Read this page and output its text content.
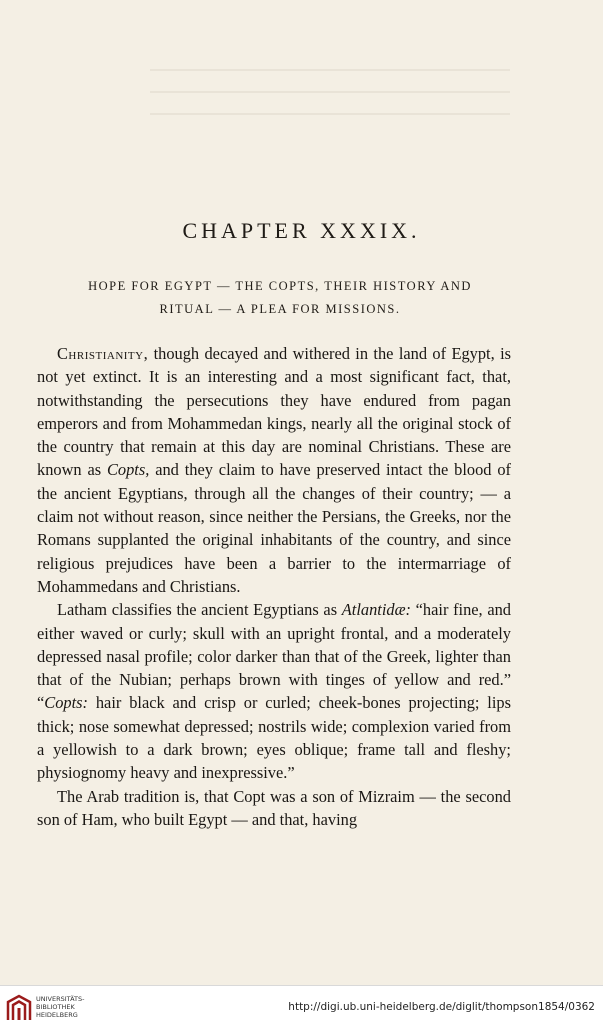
CHAPTER XXXIX.
HOPE FOR EGYPT — THE COPTS, THEIR HISTORY AND
RITUAL — A PLEA FOR MISSIONS.

Christianity, though decayed and withered in the land of Egypt, is not yet extinct. It is an interesting and a most significant fact, that, notwithstanding the persecutions they have endured from pagan emperors and from Mohammedan kings, nearly all the original stock of the country that remain at this day are nominal Christians. These are known as Copts, and they claim to have preserved intact the blood of the ancient Egyptians, through all the changes of their country; — a claim not without reason, since neither the Persians, the Greeks, nor the Romans supplanted the original inhabitants of the country, and since religious prejudices have been a barrier to the intermarriage of Mohammedans and Christians.

Latham classifies the ancient Egyptians as Atlantidæ: “hair fine, and either waved or curly; skull with an upright frontal, and a moderately depressed nasal profile; color darker than that of the Greek, lighter than that of the Nubian; perhaps brown with tinges of yellow and red.” “Copts: hair black and crisp or curled; cheek-bones projecting; lips thick; nose somewhat depressed; nostrils wide; complexion varied from a yellowish to a dark brown; eyes oblique; frame tall and fleshy; physiognomy heavy and inexpressive.”

The Arab tradition is, that Copt was a son of Mizraim — the second son of Ham, who built Egypt — and that, having

UNIVERSITÄTS-
BIBLIOTHEK
HEIDELBERG
http://digi.ub.uni-heidelberg.de/diglit/thompson1854/0362
